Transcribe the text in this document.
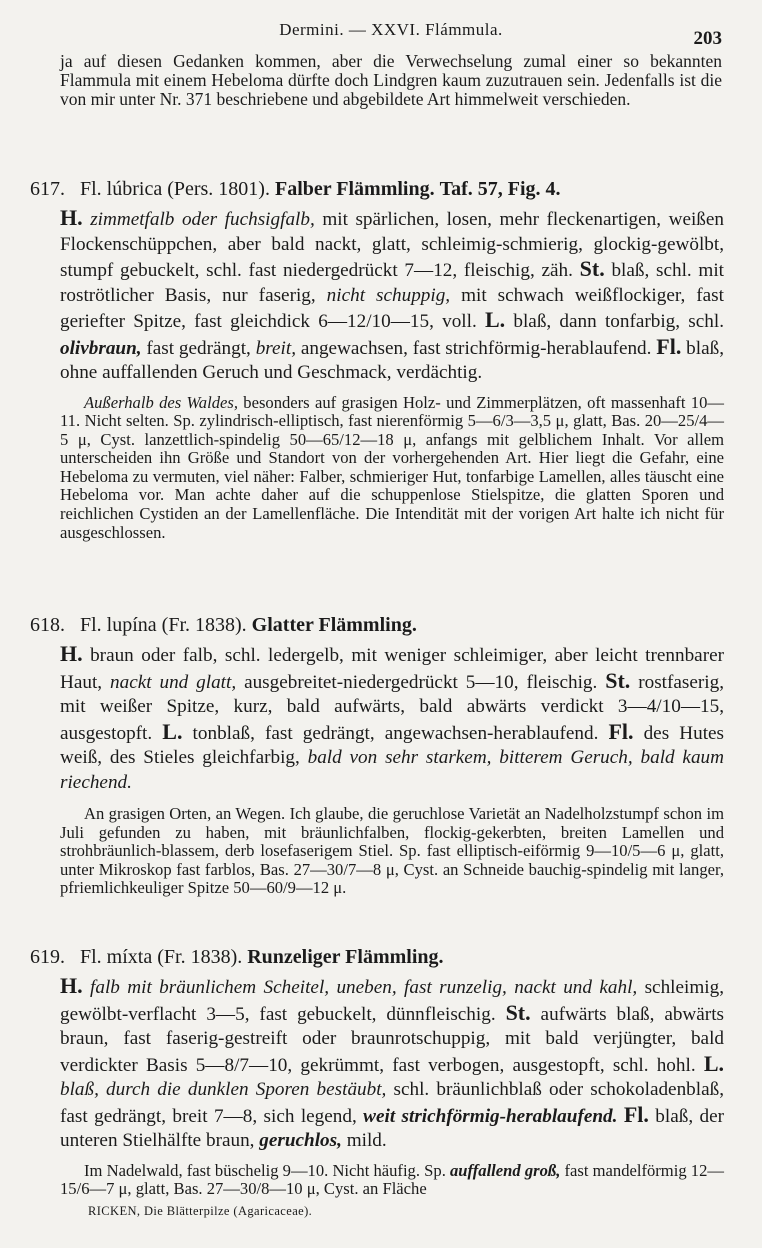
Dermini. — XXVI. Flámmula.	203

ja auf diesen Gedanken kommen, aber die Verwechselung zumal einer so bekannten Flammula mit einem Hebeloma dürfte doch Lindgren kaum zuzutrauen sein. Jedenfalls ist die von mir unter Nr. 371 beschriebene und abgebildete Art himmelweit verschieden.

617. Fl. lúbrica (Pers. 1801). Falber Flämmling. Taf. 57, Fig. 4.

H. zimmetfalb oder fuchsigfalb, mit spärlichen, losen, mehr fleckenartigen, weißen Flockenschüppchen, aber bald nackt, glatt, schleimig-schmierig, glockig-gewölbt, stumpf gebuckelt, schl. fast niedergedrückt 7—12, fleischig, zäh. St. blaß, schl. mit roströtlicher Basis, nur faserig, nicht schuppig, mit schwach weißflockiger, fast geriefter Spitze, fast gleichdick 6—12/10—15, voll. L. blaß, dann tonfarbig, schl. olivbraun, fast gedrängt, breit, angewachsen, fast strichförmig-herablaufend. Fl. blaß, ohne auffallenden Geruch und Geschmack, verdächtig.

Außerhalb des Waldes, besonders auf grasigen Holz- und Zimmerplätzen, oft massenhaft 10—11. Nicht selten. Sp. zylindrisch-elliptisch, fast nierenförmig 5—6/3—3,5 μ, glatt, Bas. 20—25/4—5 μ, Cyst. lanzettlich-spindelig 50—65/12—18 μ, anfangs mit gelblichem Inhalt. Vor allem unterscheiden ihn Größe und Standort von der vorhergehenden Art. Hier liegt die Gefahr, eine Hebeloma zu vermuten, viel näher: Falber, schmieriger Hut, tonfarbige Lamellen, alles täuscht eine Hebeloma vor. Man achte daher auf die schuppenlose Stielspitze, die glatten Sporen und reichlichen Cystiden an der Lamellenfläche. Die Intendität mit der vorigen Art halte ich nicht für ausgeschlossen.

618. Fl. lupína (Fr. 1838). Glatter Flämmling.

H. braun oder falb, schl. ledergelb, mit weniger schleimiger, aber leicht trennbarer Haut, nackt und glatt, ausgebreitet-niedergedrückt 5—10, fleischig. St. rostfaserig, mit weißer Spitze, kurz, bald aufwärts, bald abwärts verdickt 3—4/10—15, ausgestopft. L. tonblaß, fast gedrängt, angewachsen-herablaufend. Fl. des Hutes weiß, des Stieles gleichfarbig, bald von sehr starkem, bitterem Geruch, bald kaum riechend.

An grasigen Orten, an Wegen. Ich glaube, die geruchlose Varietät an Nadelholzstumpf schon im Juli gefunden zu haben, mit bräunlichfalben, flockig-gekerbten, breiten Lamellen und strohbräunlich-blassem, derb losefaserigem Stiel. Sp. fast elliptisch-eiförmig 9—10/5—6 μ, glatt, unter Mikroskop fast farblos, Bas. 27—30/7—8 μ, Cyst. an Schneide bauchig-spindelig mit langer, pfriemlichkeuliger Spitze 50—60/9—12 μ.

619. Fl. míxta (Fr. 1838). Runzeliger Flämmling.

H. falb mit bräunlichem Scheitel, uneben, fast runzelig, nackt und kahl, schleimig, gewölbt-verflacht 3—5, fast gebuckelt, dünnfleischig. St. aufwärts blaß, abwärts braun, fast faserig-gestreift oder braunrotschuppig, mit bald verjüngter, bald verdickter Basis 5—8/7—10, gekrümmt, fast verbogen, ausgestopft, schl. hohl. L. blaß, durch die dunklen Sporen bestäubt, schl. bräunlichblaß oder schokoladenblaß, fast gedrängt, breit 7—8, sich legend, weit strichförmig-herablaufend. Fl. blaß, der unteren Stielhälfte braun, geruchlos, mild.

Im Nadelwald, fast büschelig 9—10. Nicht häufig. Sp. auffallend groß, fast mandelförmig 12—15/6—7 μ, glatt, Bas. 27—30/8—10 μ, Cyst. an Fläche

RICKEN, Die Blätterpilze (Agaricaceae).
